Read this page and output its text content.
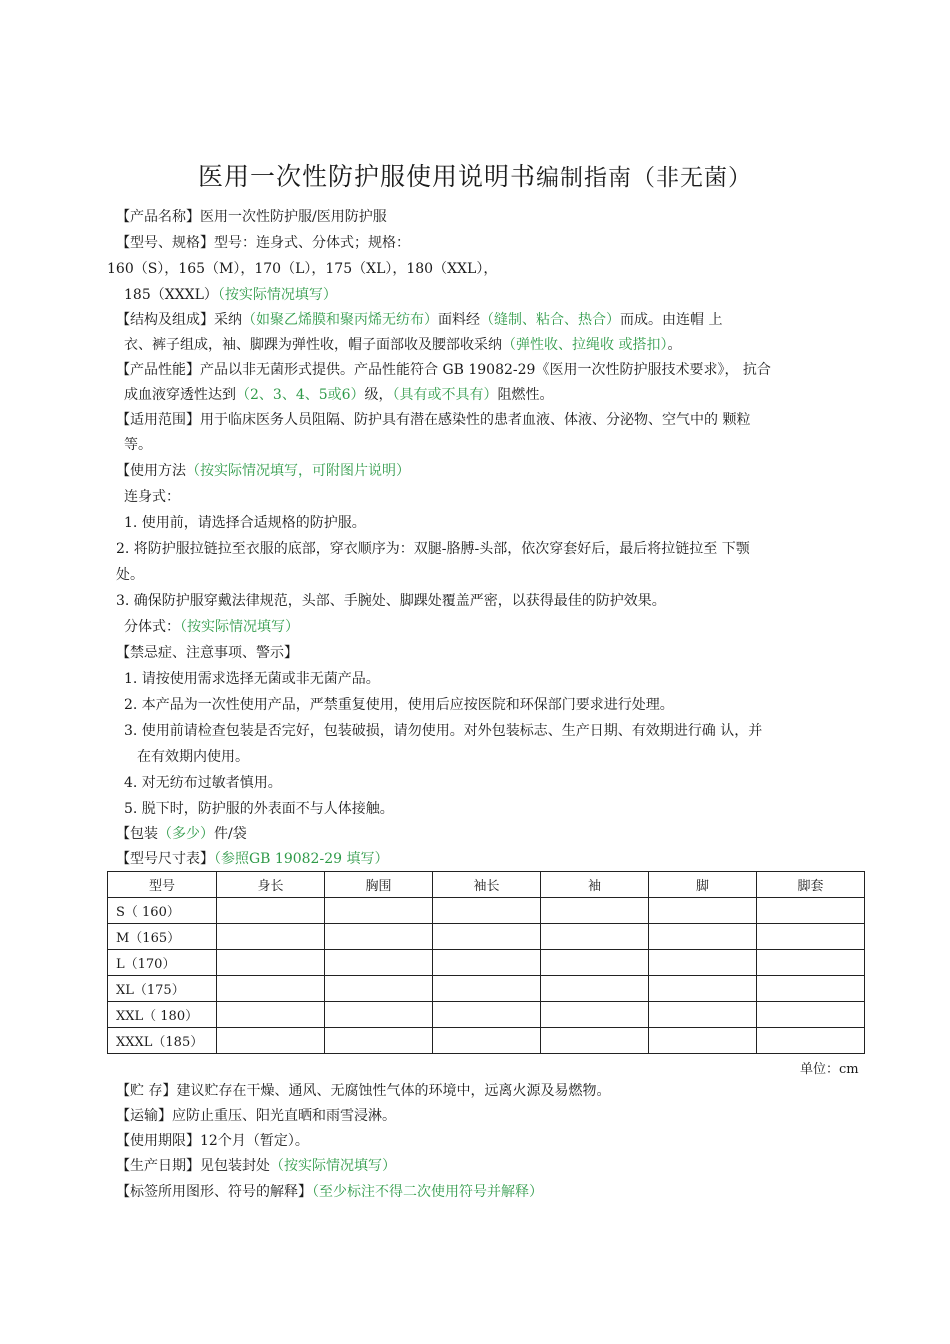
医用一次性防护服使用说明书编制指南（非无菌）
【产品名称】医用一次性防护服/医用防护服
【型号、规格】型号：连身式、分体式；规格：
160（S），165（M），170（L），175（XL），180（XXL），
185（XXXL）（按实际情况填写）
【结构及组成】采纳（如聚乙烯膜和聚丙烯无纺布）面料经（缝制、粘合、热合）而成。由连帽 上
衣、裤子组成，袖、脚踝为弹性收，帽子面部收及腰部收采纳（弹性收、拉绳收 或搭扣）。
【产品性能】产品以非无菌形式提供。产品性能符合 GB 19082-29《医用一次性防护服技术要求》， 抗合
成血液穿透性达到（2、3、4、5或6）级，（具有或不具有）阻燃性。
【适用范围】用于临床医务人员阻隔、防护具有潜在感染性的患者血液、体液、分泌物、空气中的 颗粒
等。
【使用方法（按实际情况填写，可附图片说明）
连身式：
1. 使用前，请选择合适规格的防护服。
2. 将防护服拉链拉至衣服的底部，穿衣顺序为：双腿-胳膊-头部，依次穿套好后，最后将拉链拉至 下颚
处。
3. 确保防护服穿戴法律规范，头部、手腕处、脚踝处覆盖严密，以获得最佳的防护效果。
分体式：（按实际情况填写）
【禁忌症、注意事项、警示】
1. 请按使用需求选择无菌或非无菌产品。
2. 本产品为一次性使用产品，严禁重复使用，使用后应按医院和环保部门要求进行处理。
3. 使用前请检查包装是否完好，包装破损，请勿使用。对外包装标志、生产日期、有效期进行确 认，并
在有效期内使用。
4. 对无纺布过敏者慎用。
5. 脱下时，防护服的外表面不与人体接触。
【包装（多少）件/袋
【型号尺寸表】（参照GB 19082-29 填写）
型号	身长	胸围	袖长	袖	脚	脚套
S（ 160）						
M（165）						
L（170）						
XL（175）						
XXL（ 180）						
XXXL（185）						
单位：cm
【贮 存】建议贮存在干燥、通风、无腐蚀性气体的环境中，远离火源及易燃物。
【运输】应防止重压、阳光直晒和雨雪浸淋。
【使用期限】12个月（暂定）。
【生产日期】见包装封处（按实际情况填写）
【标签所用图形、符号的解释】（至少标注不得二次使用符号并解释）
